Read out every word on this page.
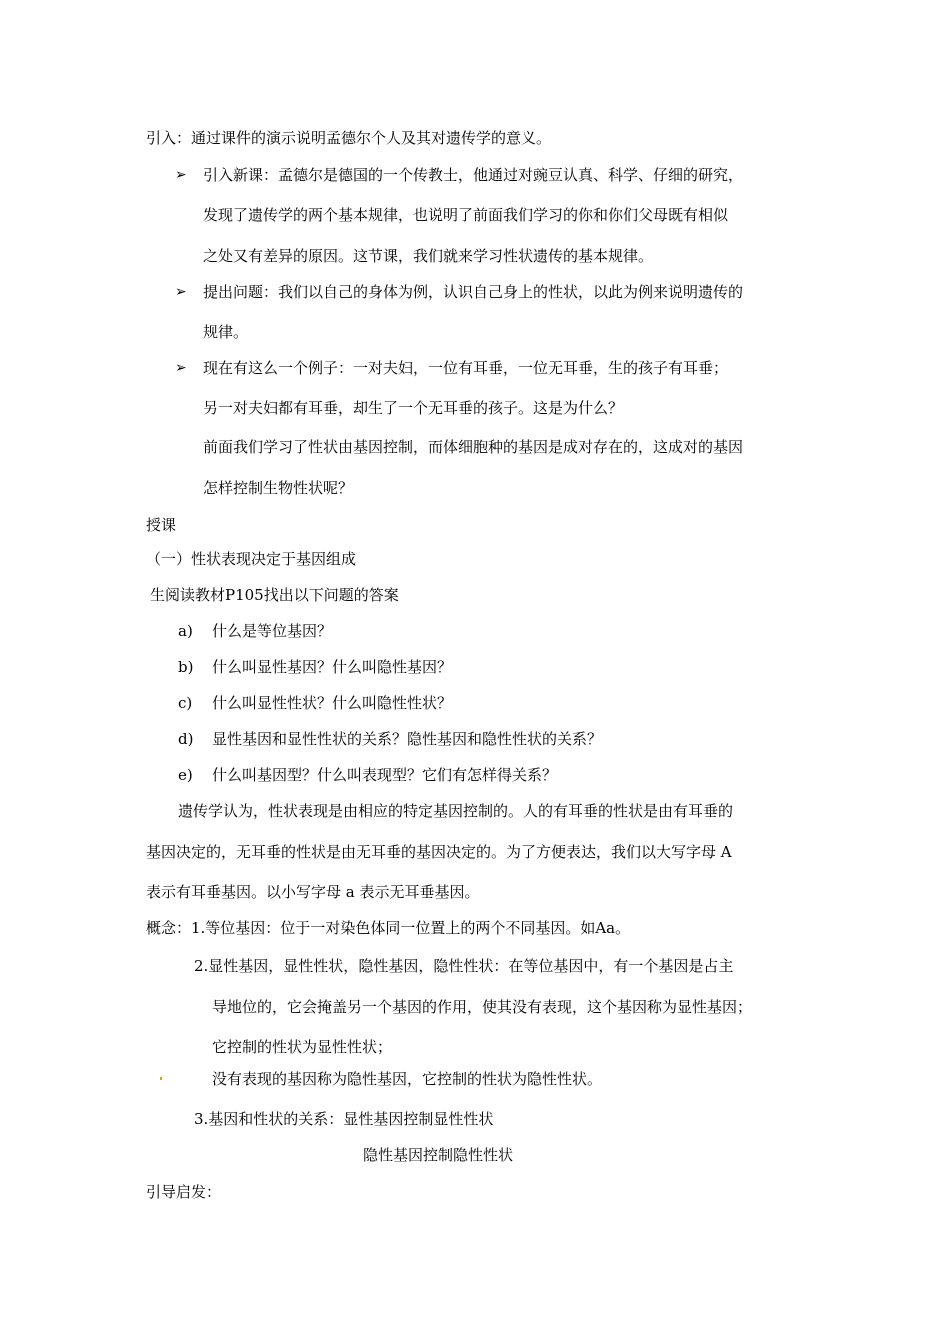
引入：通过课件的演示说明孟德尔个人及其对遗传学的意义。
➢ 引入新课：孟德尔是德国的一个传教士，他通过对豌豆认真、科学、仔细的研究，
发现了遗传学的两个基本规律，也说明了前面我们学习的你和你们父母既有相似
之处又有差异的原因。这节课，我们就来学习性状遗传的基本规律。
➢ 提出问题：我们以自己的身体为例，认识自己身上的性状，以此为例来说明遗传的
规律。
➢ 现在有这么一个例子：一对夫妇，一位有耳垂，一位无耳垂，生的孩子有耳垂；
另一对夫妇都有耳垂，却生了一个无耳垂的孩子。这是为什么？
前面我们学习了性状由基因控制，而体细胞种的基因是成对存在的，这成对的基因
怎样控制生物性状呢？
授课
（一）性状表现决定于基因组成
生阅读教材P105找出以下问题的答案
a) 什么是等位基因？
b) 什么叫显性基因？什么叫隐性基因？
c) 什么叫显性性状？什么叫隐性性状？
d) 显性基因和显性性状的关系？隐性基因和隐性性状的关系？
e) 什么叫基因型？什么叫表现型？它们有怎样得关系？
遗传学认为，性状表现是由相应的特定基因控制的。人的有耳垂的性状是由有耳垂的
基因决定的，无耳垂的性状是由无耳垂的基因决定的。为了方便表达，我们以大写字母 A
表示有耳垂基因。以小写字母 a 表示无耳垂基因。
概念：1.等位基因：位于一对染色体同一位置上的两个不同基因。如Aa。
2.显性基因，显性性状，隐性基因，隐性性状：在等位基因中，有一个基因是占主
导地位的，它会掩盖另一个基因的作用，使其没有表现，这个基因称为显性基因；
它控制的性状为显性性状；
没有表现的基因称为隐性基因，它控制的性状为隐性性状。
3.基因和性状的关系：显性基因控制显性性状
隐性基因控制隐性性状
引导启发：
